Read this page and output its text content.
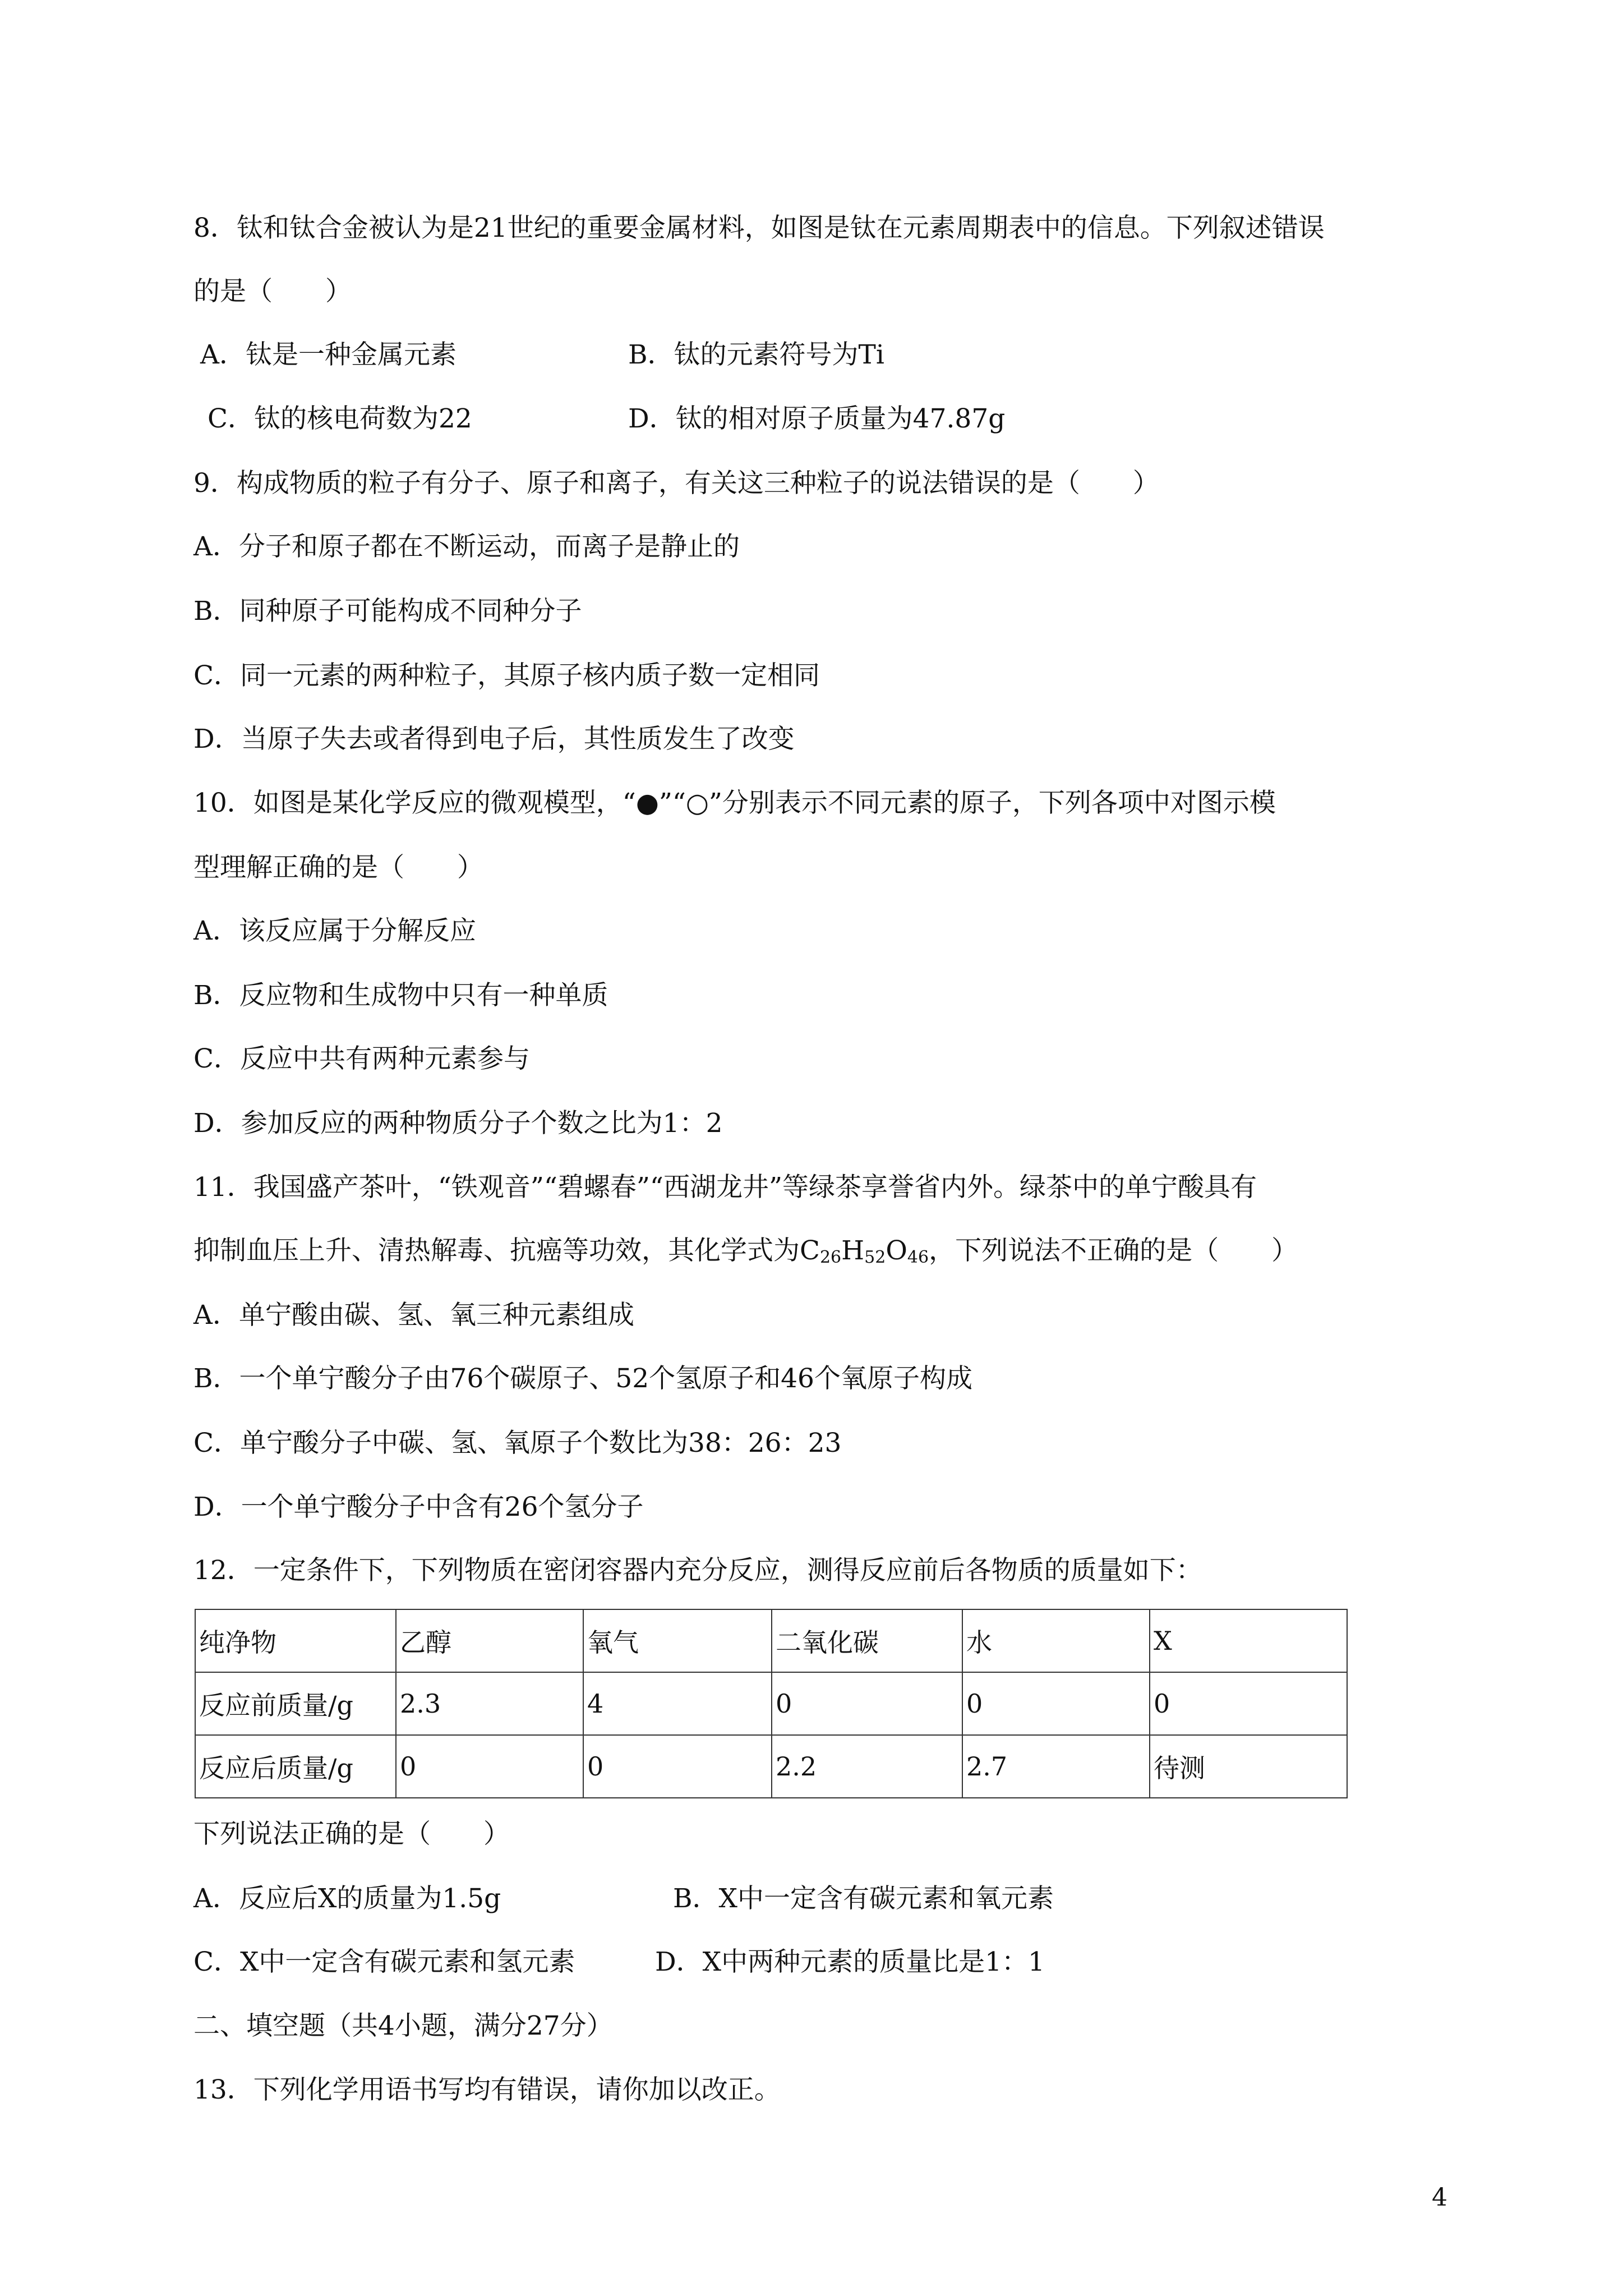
8．钛和钛合金被认为是21世纪的重要金属材料，如图是钛在元素周期表中的信息。下列叙述错误
的是（　　）
A．钛是一种金属元素	B．钛的元素符号为Ti
C．钛的核电荷数为22	D．钛的相对原子质量为47.87g
9．构成物质的粒子有分子、原子和离子，有关这三种粒子的说法错误的是（　　）
A．分子和原子都在不断运动，而离子是静止的
B．同种原子可能构成不同种分子
C．同一元素的两种粒子，其原子核内质子数一定相同
D．当原子失去或者得到电子后，其性质发生了改变
10．如图是某化学反应的微观模型，“●”“○”分别表示不同元素的原子，下列各项中对图示模
型理解正确的是（　　）
A．该反应属于分解反应
B．反应物和生成物中只有一种单质
C．反应中共有两种元素参与
D．参加反应的两种物质分子个数之比为1：2
11．我国盛产茶叶，“铁观音”“碧螺春”“西湖龙井”等绿茶享誉省内外。绿茶中的单宁酸具有
抑制血压上升、清热解毒、抗癌等功效，其化学式为$C_{26}H_{52}O_{46}$，下列说法不正确的是（　　）
A．单宁酸由碳、氢、氧三种元素组成
B．一个单宁酸分子由76个碳原子、52个氢原子和46个氧原子构成
C．单宁酸分子中碳、氢、氧原子个数比为38：26：23
D．一个单宁酸分子中含有26个氢分子
12．一定条件下，下列物质在密闭容器内充分反应，测得反应前后各物质的质量如下：
纯净物	乙醇	氧气	二氧化碳	水	X
反应前质量/g	2.3	4	0	0	0
反应后质量/g	0	0	2.2	2.7	待测
下列说法正确的是（　　）
A．反应后X的质量为1.5g	B．X中一定含有碳元素和氧元素
C．X中一定含有碳元素和氢元素	D．X中两种元素的质量比是1：1
二、填空题（共4小题，满分27分）
13．下列化学用语书写均有错误，请你加以改正。
4
